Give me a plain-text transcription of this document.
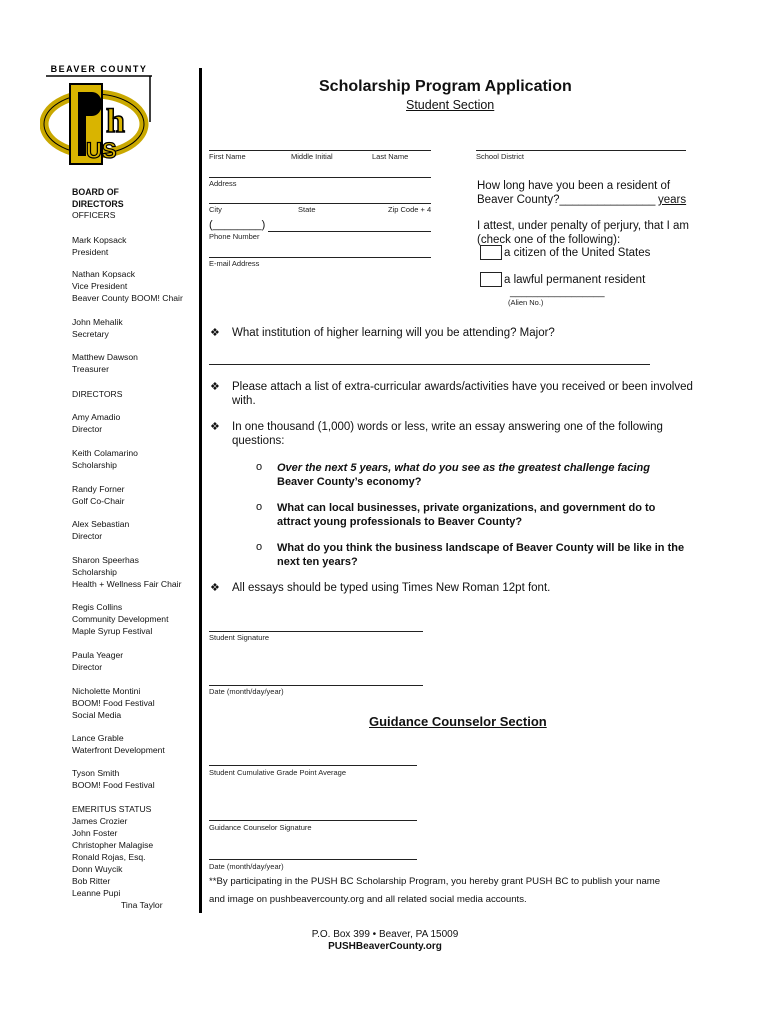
BEAVER COUNTY
h
US
Scholarship Program Application
Student Section
BOARD OF DIRECTORS
OFFICERS
Mark Kopsack
President
Nathan Kopsack
Vice President
Beaver County BOOM! Chair
John Mehalik
Secretary
Matthew Dawson
Treasurer
DIRECTORS
Amy Amadio
Director
Keith Colamarino
Scholarship
Randy Forner
Golf Co-Chair
Alex Sebastian
Director
Sharon Speerhas
Scholarship
Health + Wellness Fair Chair
Regis Collins
Community Development
Maple Syrup Festival
Paula Yeager
Director
Nicholette Montini
BOOM! Food Festival
Social Media
Lance Grable
Waterfront Development
Tyson Smith
BOOM! Food Festival
EMERITUS STATUS
James Crozier
John Foster
Christopher Malagise
Ronald Rojas, Esq.
Donn Wuycik
Bob Ritter
Leanne Pupi
Tina Taylor
First Name	Middle Initial	Last Name	School District
Address
City	State	Zip Code + 4
(________)
Phone Number
E-mail Address
How long have you been a resident of
Beaver County?_______________ years
I attest, under penalty of perjury, that I am
(check one of the following):
a citizen of the United States
a lawful permanent resident
_________________
(Alien No.)
❖ What institution of higher learning will you be attending? Major?
❖ Please attach a list of extra-curricular awards/activities have you received or been involved
with.
❖ In one thousand (1,000) words or less, write an essay answering one of the following
questions:
o Over the next 5 years, what do you see as the greatest challenge facing
Beaver County’s economy?
o What can local businesses, private organizations, and government do to
attract young professionals to Beaver County?
o What do you think the business landscape of Beaver County will be like in the
next ten years?
❖ All essays should be typed using Times New Roman 12pt font.
Student Signature
Date (month/day/year)
Guidance Counselor Section
Student Cumulative Grade Point Average
Guidance Counselor Signature
Date (month/day/year)
**By participating in the PUSH BC Scholarship Program, you hereby grant PUSH BC to publish your name
and image on pushbeavercounty.org and all related social media accounts.
P.O. Box 399 • Beaver, PA 15009
PUSHBeaverCounty.org
